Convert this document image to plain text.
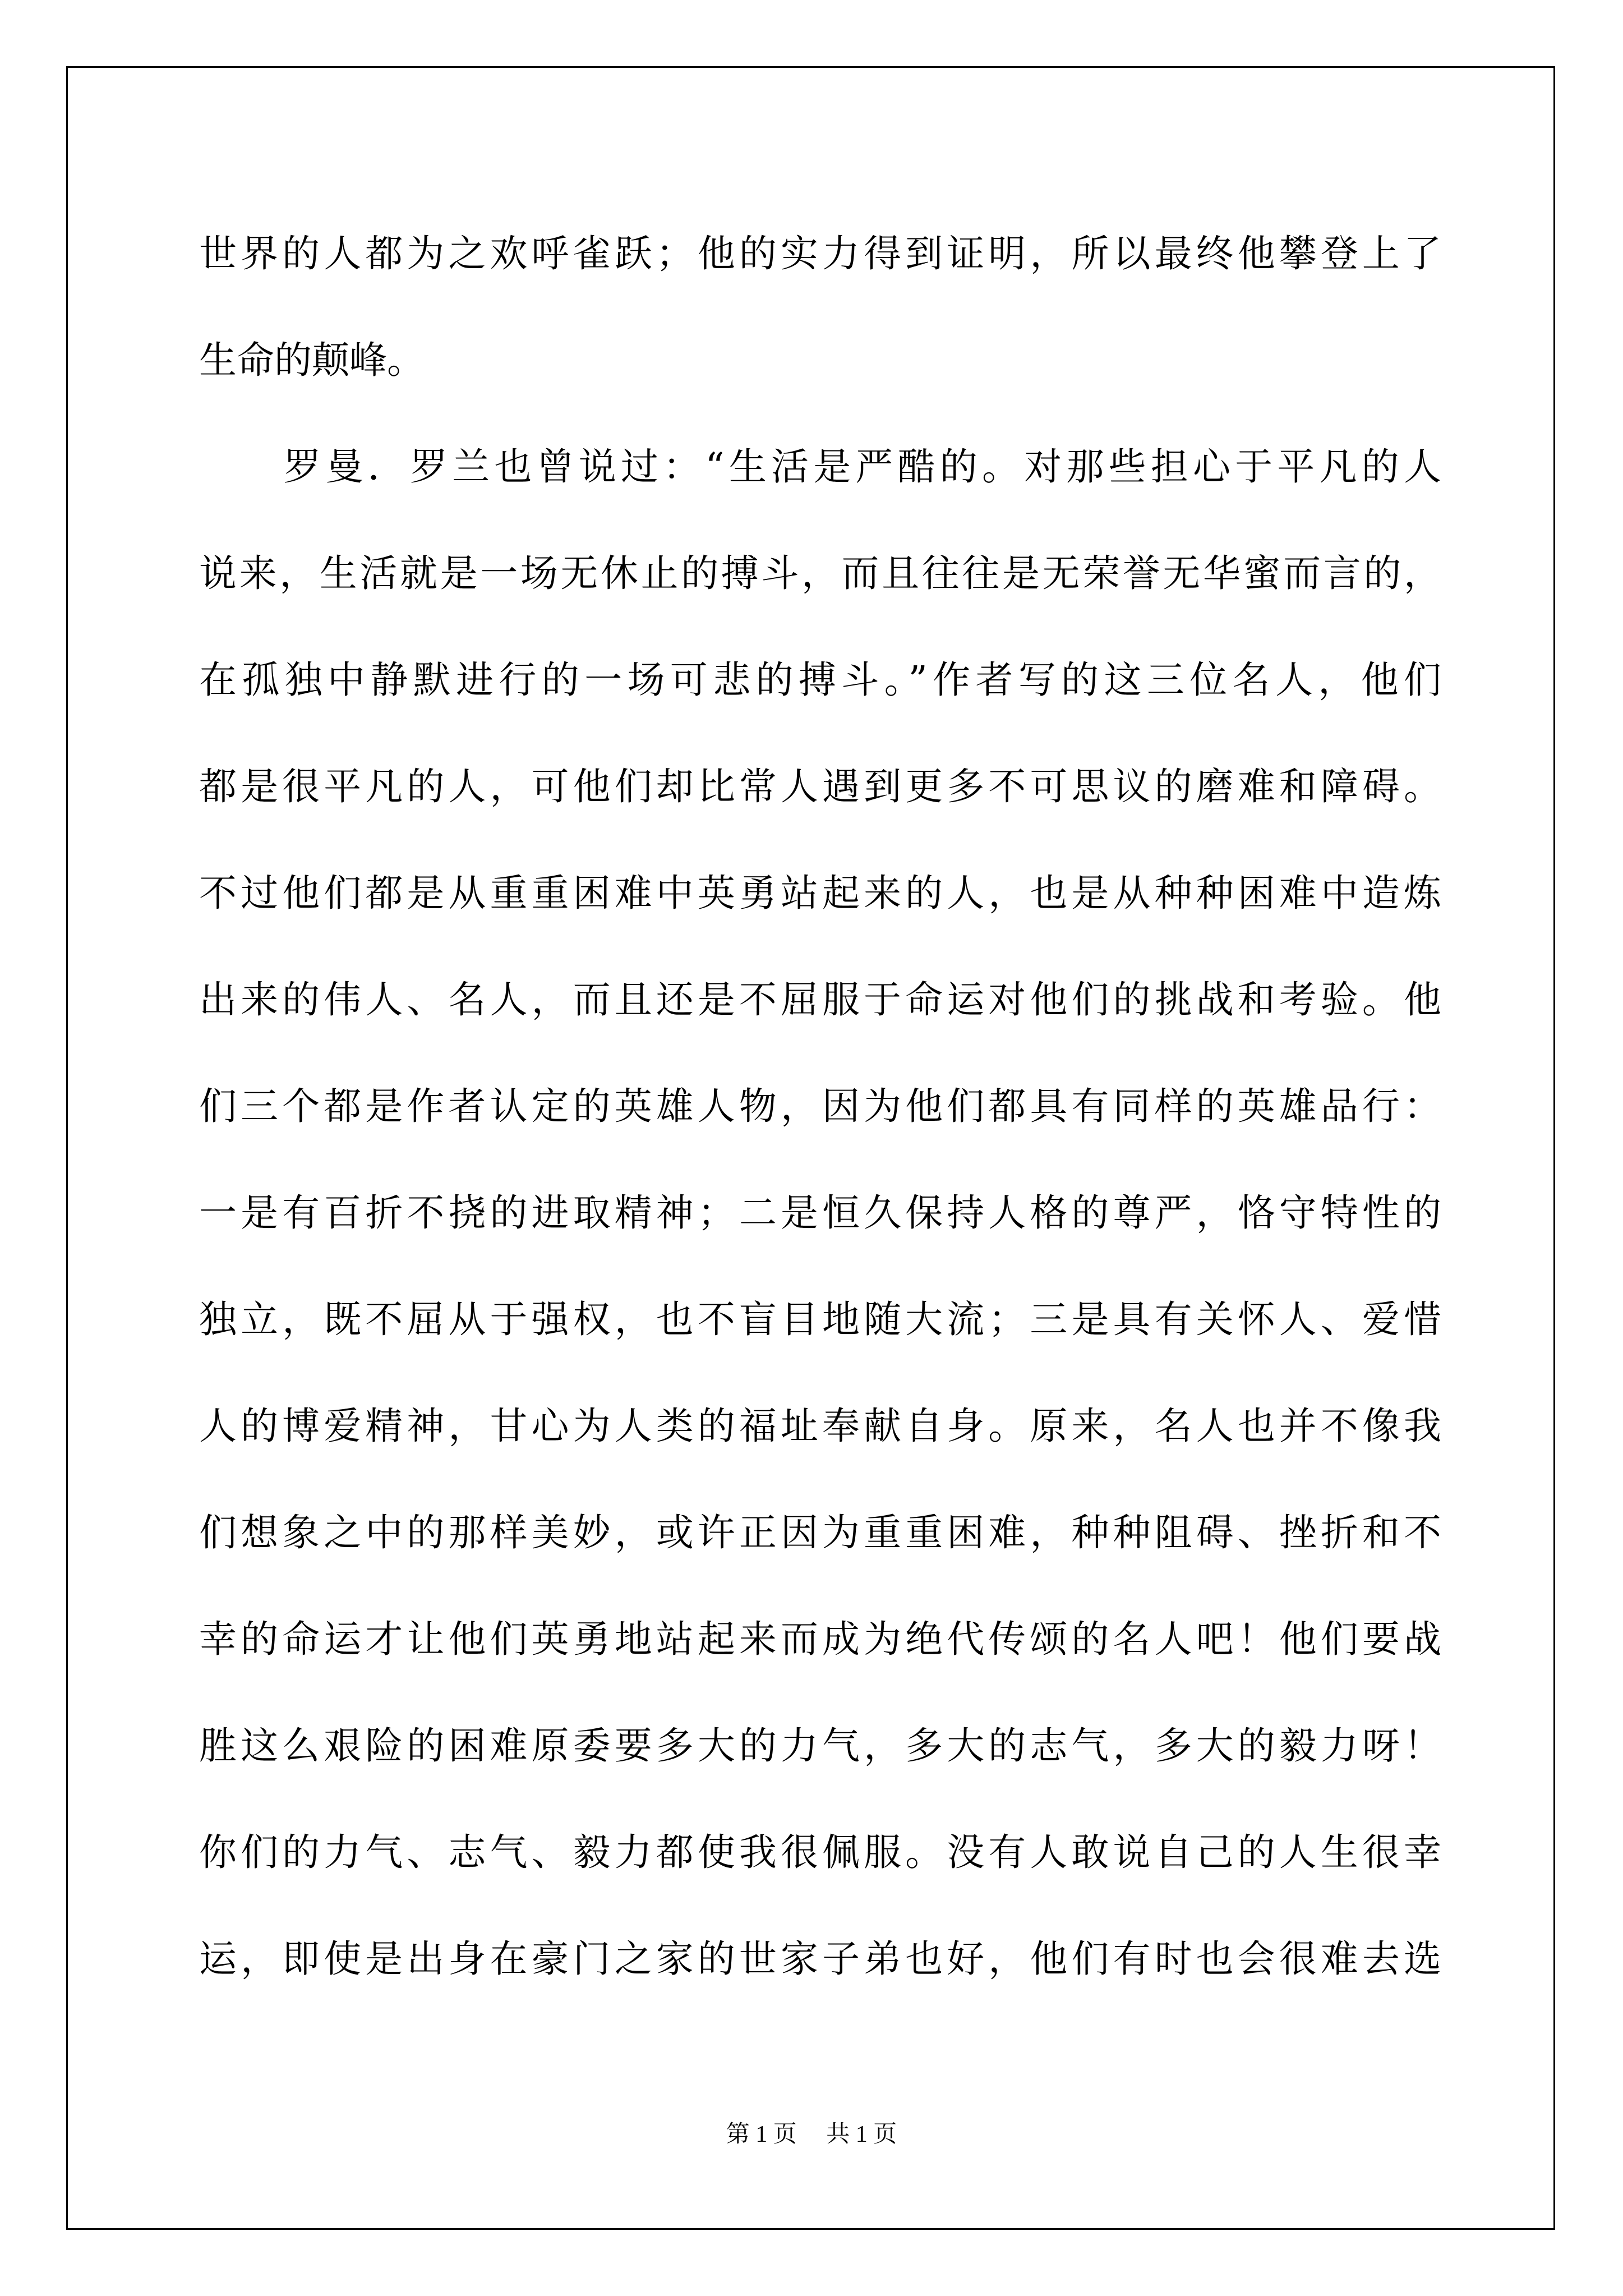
世界的人都为之欢呼雀跃；他的实力得到证明，所以最终他攀登上了
生命的颠峰。
　　罗曼．罗兰也曾说过：“生活是严酷的。对那些担心于平凡的人
说来，生活就是一场无休止的搏斗，而且往往是无荣誉无华蜜而言的，
在孤独中静默进行的一场可悲的搏斗。”作者写的这三位名人，他们
都是很平凡的人，可他们却比常人遇到更多不可思议的磨难和障碍。
不过他们都是从重重困难中英勇站起来的人，也是从种种困难中造炼
出来的伟人、名人，而且还是不屈服于命运对他们的挑战和考验。他
们三个都是作者认定的英雄人物，因为他们都具有同样的英雄品行：
一是有百折不挠的进取精神；二是恒久保持人格的尊严，恪守特性的
独立，既不屈从于强权，也不盲目地随大流；三是具有关怀人、爱惜
人的博爱精神，甘心为人类的福址奉献自身。原来，名人也并不像我
们想象之中的那样美妙，或许正因为重重困难，种种阻碍、挫折和不
幸的命运才让他们英勇地站起来而成为绝代传颂的名人吧！他们要战
胜这么艰险的困难原委要多大的力气，多大的志气，多大的毅力呀！
你们的力气、志气、毅力都使我很佩服。没有人敢说自己的人生很幸
运，即使是出身在豪门之家的世家子弟也好，他们有时也会很难去选
第 1 页　 共 1 页
